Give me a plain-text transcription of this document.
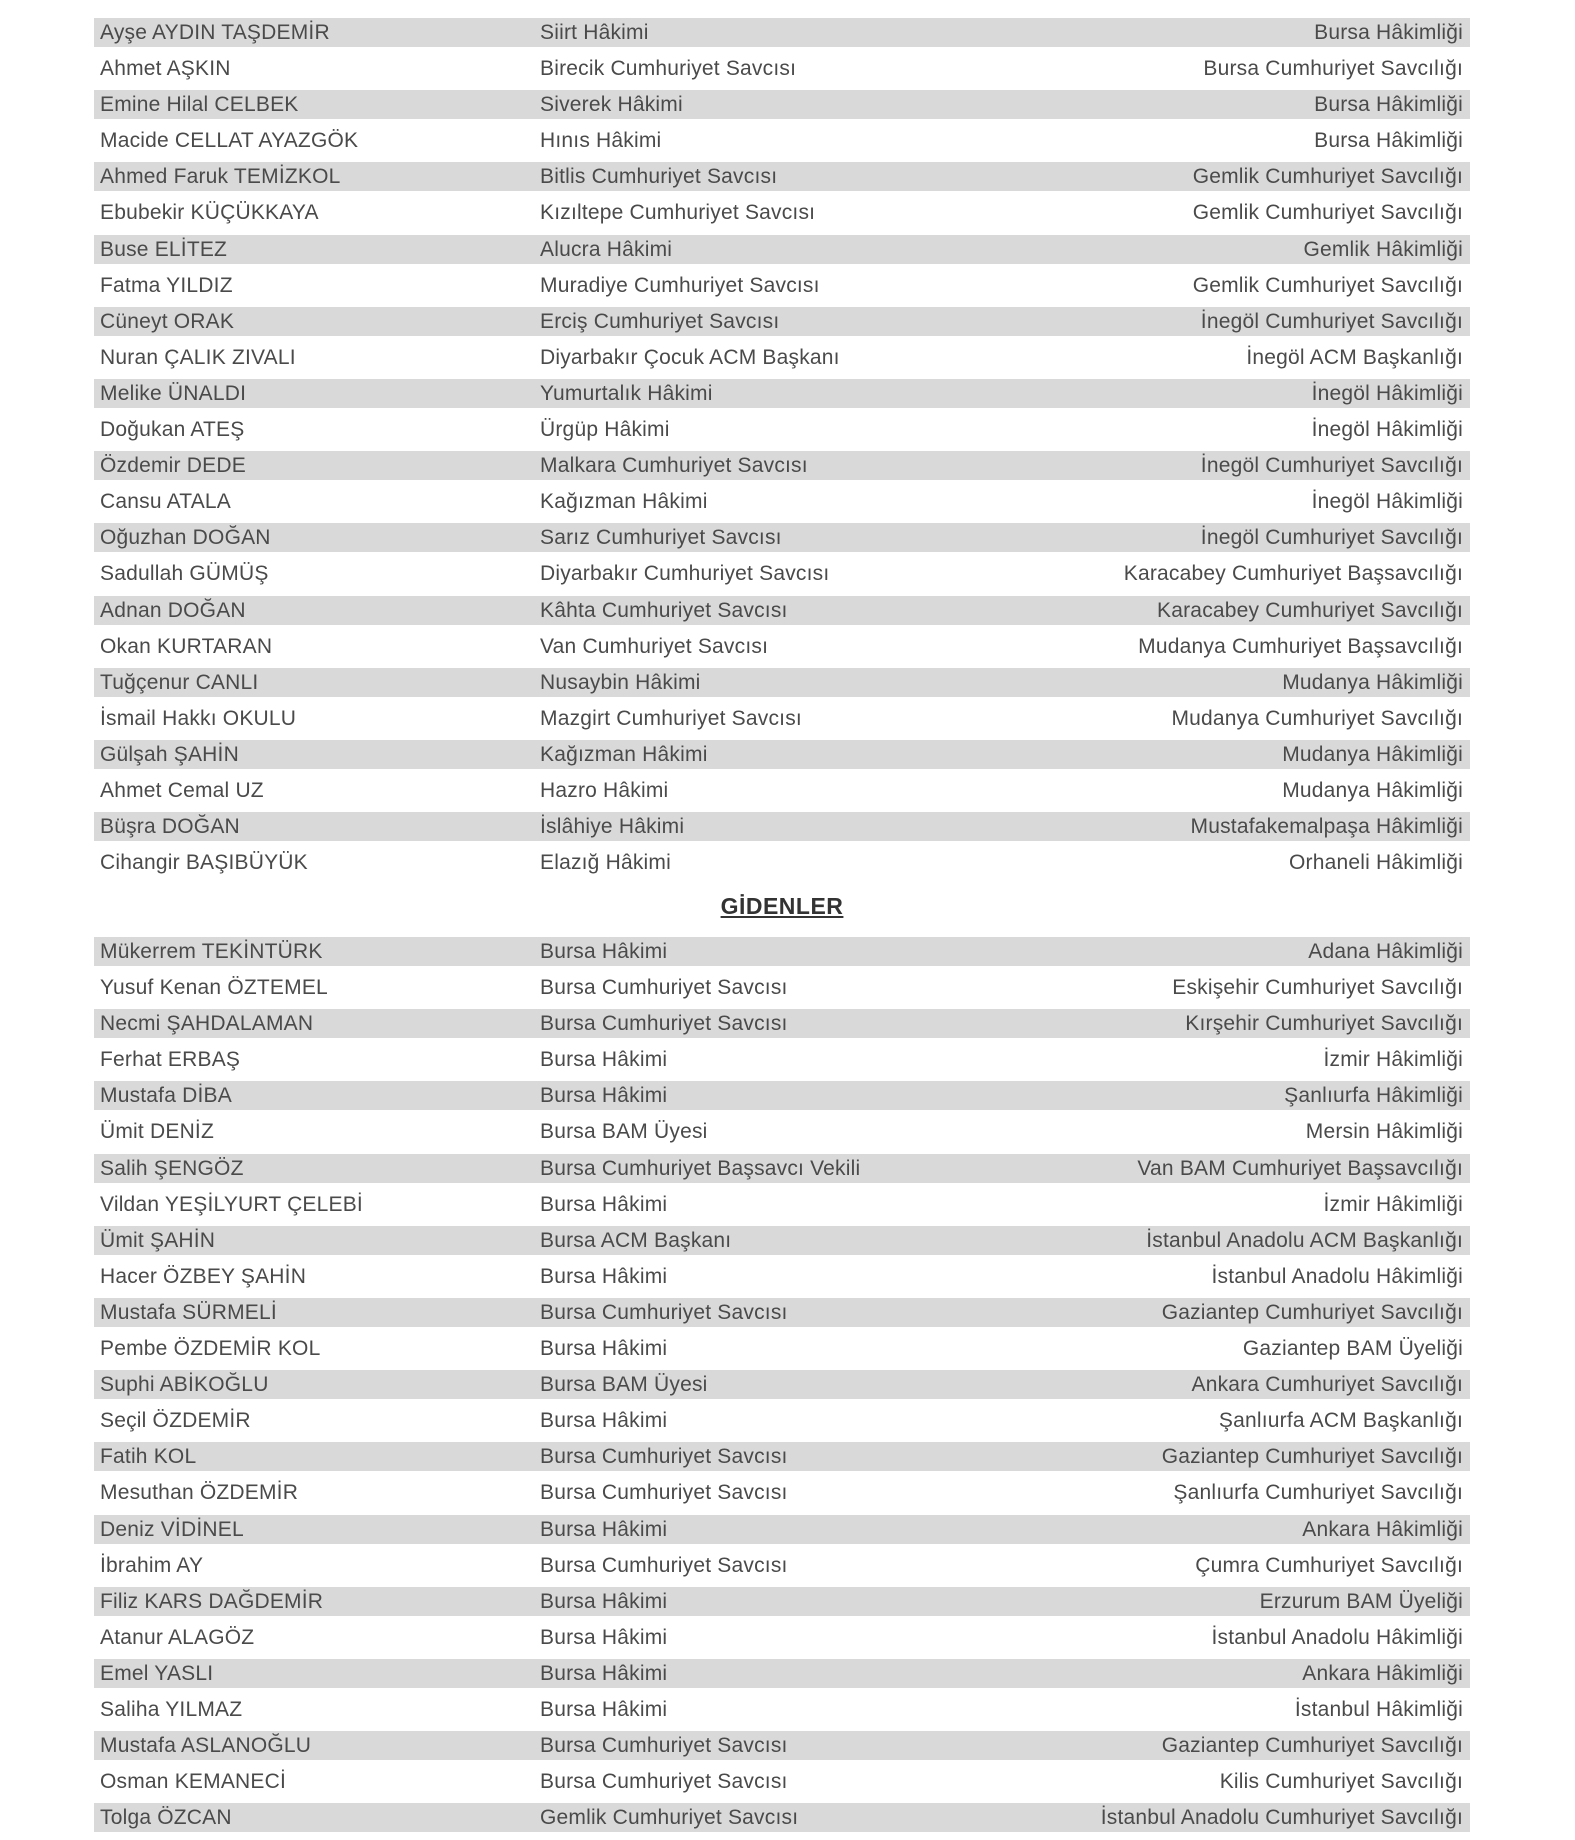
Ayşe AYDIN TAŞDEMİR	Siirt Hâkimi	Bursa Hâkimliği
Ahmet AŞKIN	Birecik Cumhuriyet Savcısı	Bursa Cumhuriyet Savcılığı
Emine Hilal CELBEK	Siverek Hâkimi	Bursa Hâkimliği
Macide CELLAT AYAZGÖK	Hınıs Hâkimi	Bursa Hâkimliği
Ahmed Faruk TEMİZKOL	Bitlis Cumhuriyet Savcısı	Gemlik Cumhuriyet Savcılığı
Ebubekir KÜÇÜKKAYA	Kızıltepe Cumhuriyet Savcısı	Gemlik Cumhuriyet Savcılığı
Buse ELİTEZ	Alucra Hâkimi	Gemlik Hâkimliği
Fatma YILDIZ	Muradiye Cumhuriyet Savcısı	Gemlik Cumhuriyet Savcılığı
Cüneyt ORAK	Erciş Cumhuriyet Savcısı	İnegöl Cumhuriyet Savcılığı
Nuran ÇALIK ZIVALI	Diyarbakır Çocuk ACM Başkanı	İnegöl ACM Başkanlığı
Melike ÜNALDI	Yumurtalık Hâkimi	İnegöl Hâkimliği
Doğukan ATEŞ	Ürgüp Hâkimi	İnegöl Hâkimliği
Özdemir DEDE	Malkara Cumhuriyet Savcısı	İnegöl Cumhuriyet Savcılığı
Cansu ATALA	Kağızman Hâkimi	İnegöl Hâkimliği
Oğuzhan DOĞAN	Sarız Cumhuriyet Savcısı	İnegöl Cumhuriyet Savcılığı
Sadullah GÜMÜŞ	Diyarbakır Cumhuriyet Savcısı	Karacabey Cumhuriyet Başsavcılığı
Adnan DOĞAN	Kâhta Cumhuriyet Savcısı	Karacabey Cumhuriyet Savcılığı
Okan KURTARAN	Van Cumhuriyet Savcısı	Mudanya Cumhuriyet Başsavcılığı
Tuğçenur CANLI	Nusaybin Hâkimi	Mudanya Hâkimliği
İsmail Hakkı OKULU	Mazgirt Cumhuriyet Savcısı	Mudanya Cumhuriyet Savcılığı
Gülşah ŞAHİN	Kağızman Hâkimi	Mudanya Hâkimliği
Ahmet Cemal UZ	Hazro Hâkimi	Mudanya Hâkimliği
Büşra DOĞAN	İslâhiye Hâkimi	Mustafakemalpaşa Hâkimliği
Cihangir BAŞIBÜYÜK	Elazığ Hâkimi	Orhaneli Hâkimliği
GİDENLER
Mükerrem TEKİNTÜRK	Bursa Hâkimi	Adana Hâkimliği
Yusuf Kenan ÖZTEMEL	Bursa Cumhuriyet Savcısı	Eskişehir Cumhuriyet Savcılığı
Necmi ŞAHDALAMAN	Bursa Cumhuriyet Savcısı	Kırşehir Cumhuriyet Savcılığı
Ferhat ERBAŞ	Bursa Hâkimi	İzmir Hâkimliği
Mustafa DİBA	Bursa Hâkimi	Şanlıurfa Hâkimliği
Ümit DENİZ	Bursa BAM Üyesi	Mersin Hâkimliği
Salih ŞENGÖZ	Bursa Cumhuriyet Başsavcı Vekili	Van BAM Cumhuriyet Başsavcılığı
Vildan YEŞİLYURT ÇELEBİ	Bursa Hâkimi	İzmir Hâkimliği
Ümit ŞAHİN	Bursa ACM Başkanı	İstanbul Anadolu ACM Başkanlığı
Hacer ÖZBEY ŞAHİN	Bursa Hâkimi	İstanbul Anadolu Hâkimliği
Mustafa SÜRMELİ	Bursa Cumhuriyet Savcısı	Gaziantep Cumhuriyet Savcılığı
Pembe ÖZDEMİR KOL	Bursa Hâkimi	Gaziantep BAM Üyeliği
Suphi ABİKOĞLU	Bursa BAM Üyesi	Ankara Cumhuriyet Savcılığı
Seçil ÖZDEMİR	Bursa Hâkimi	Şanlıurfa ACM Başkanlığı
Fatih KOL	Bursa Cumhuriyet Savcısı	Gaziantep Cumhuriyet Savcılığı
Mesuthan ÖZDEMİR	Bursa Cumhuriyet Savcısı	Şanlıurfa Cumhuriyet Savcılığı
Deniz VİDİNEL	Bursa Hâkimi	Ankara Hâkimliği
İbrahim AY	Bursa Cumhuriyet Savcısı	Çumra Cumhuriyet Savcılığı
Filiz KARS DAĞDEMİR	Bursa Hâkimi	Erzurum BAM Üyeliği
Atanur ALAGÖZ	Bursa Hâkimi	İstanbul Anadolu Hâkimliği
Emel YASLI	Bursa Hâkimi	Ankara Hâkimliği
Saliha YILMAZ	Bursa Hâkimi	İstanbul Hâkimliği
Mustafa ASLANOĞLU	Bursa Cumhuriyet Savcısı	Gaziantep Cumhuriyet Savcılığı
Osman KEMANECİ	Bursa Cumhuriyet Savcısı	Kilis Cumhuriyet Savcılığı
Tolga ÖZCAN	Gemlik Cumhuriyet Savcısı	İstanbul Anadolu Cumhuriyet Savcılığı
